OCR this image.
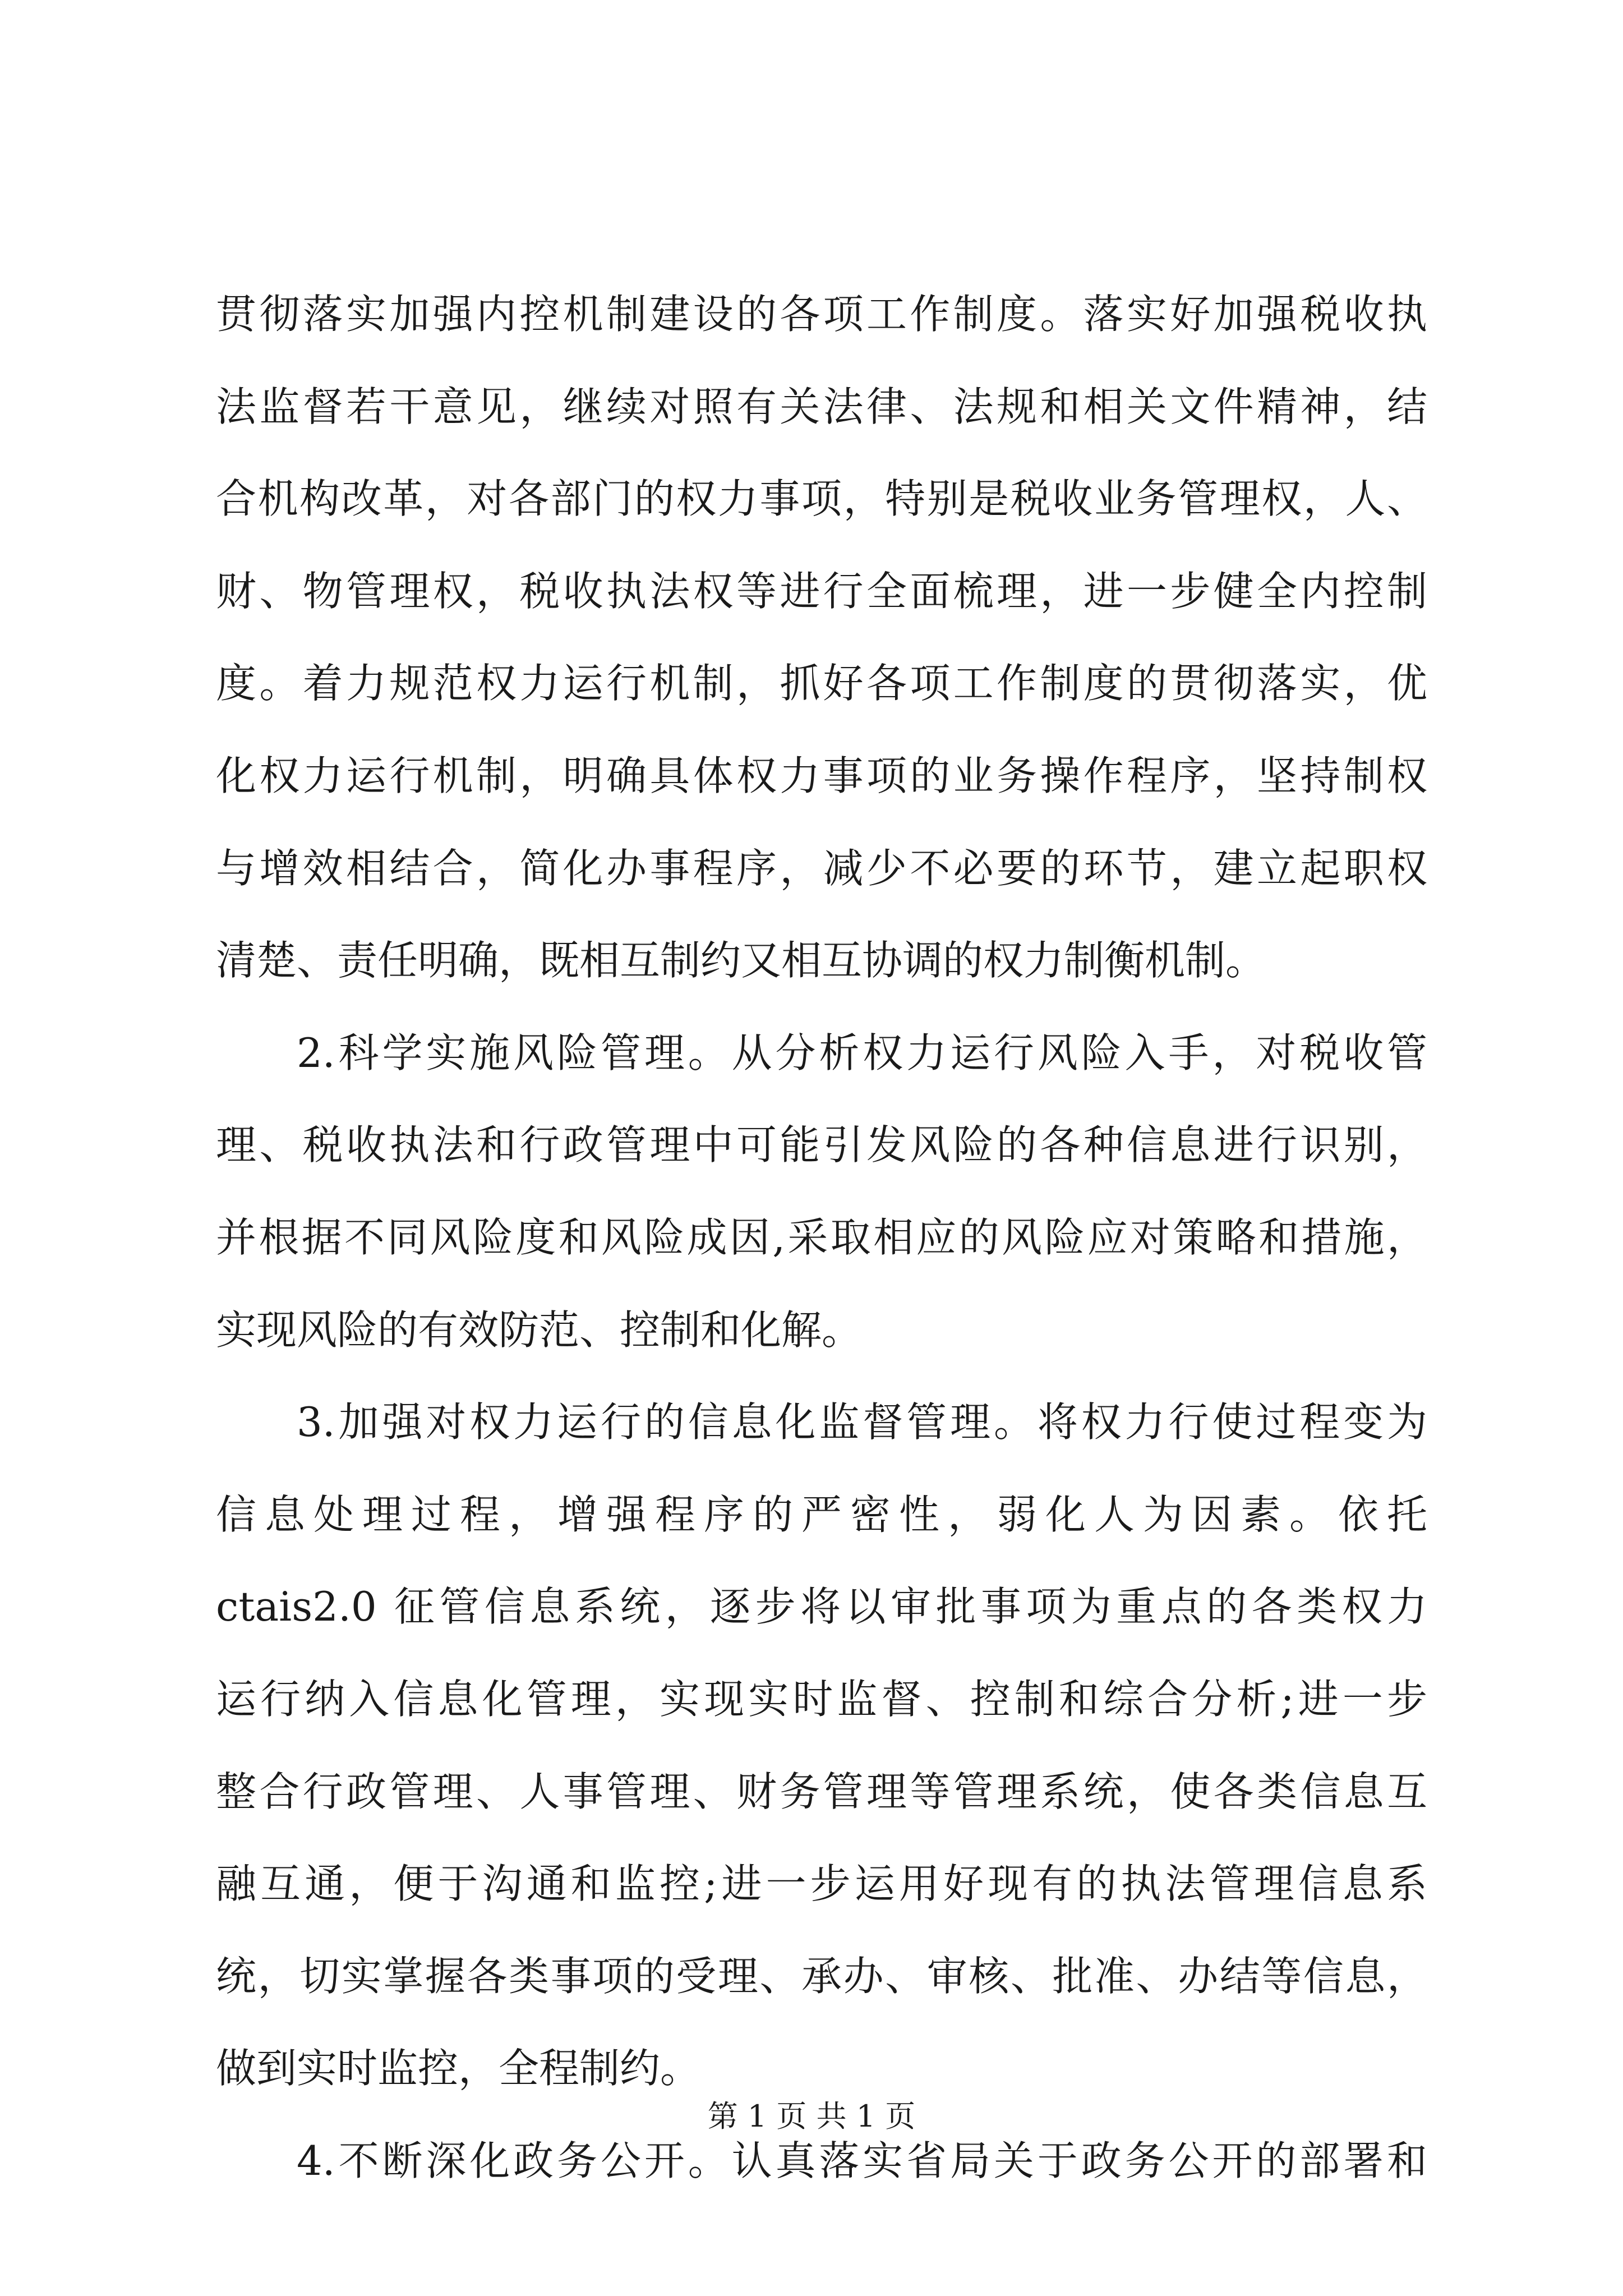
贯彻落实加强内控机制建设的各项工作制度。落实好加强税收执
法监督若干意见，继续对照有关法律、法规和相关文件精神，结
合机构改革，对各部门的权力事项，特别是税收业务管理权，人、
财、物管理权，税收执法权等进行全面梳理，进一步健全内控制
度。着力规范权力运行机制，抓好各项工作制度的贯彻落实，优
化权力运行机制，明确具体权力事项的业务操作程序，坚持制权
与增效相结合，简化办事程序，减少不必要的环节，建立起职权
清楚、责任明确，既相互制约又相互协调的权力制衡机制。
2.科学实施风险管理。从分析权力运行风险入手，对税收管
理、税收执法和行政管理中可能引发风险的各种信息进行识别，
并根据不同风险度和风险成因,采取相应的风险应对策略和措施，
实现风险的有效防范、控制和化解。
3.加强对权力运行的信息化监督管理。将权力行使过程变为
信息处理过程，增强程序的严密性，弱化人为因素。依托
ctais2.0 征管信息系统，逐步将以审批事项为重点的各类权力
运行纳入信息化管理，实现实时监督、控制和综合分析;进一步
整合行政管理、人事管理、财务管理等管理系统，使各类信息互
融互通，便于沟通和监控;进一步运用好现有的执法管理信息系
统，切实掌握各类事项的受理、承办、审核、批准、办结等信息，
做到实时监控，全程制约。
4.不断深化政务公开。认真落实省局关于政务公开的部署和
第 1 页 共 1 页
